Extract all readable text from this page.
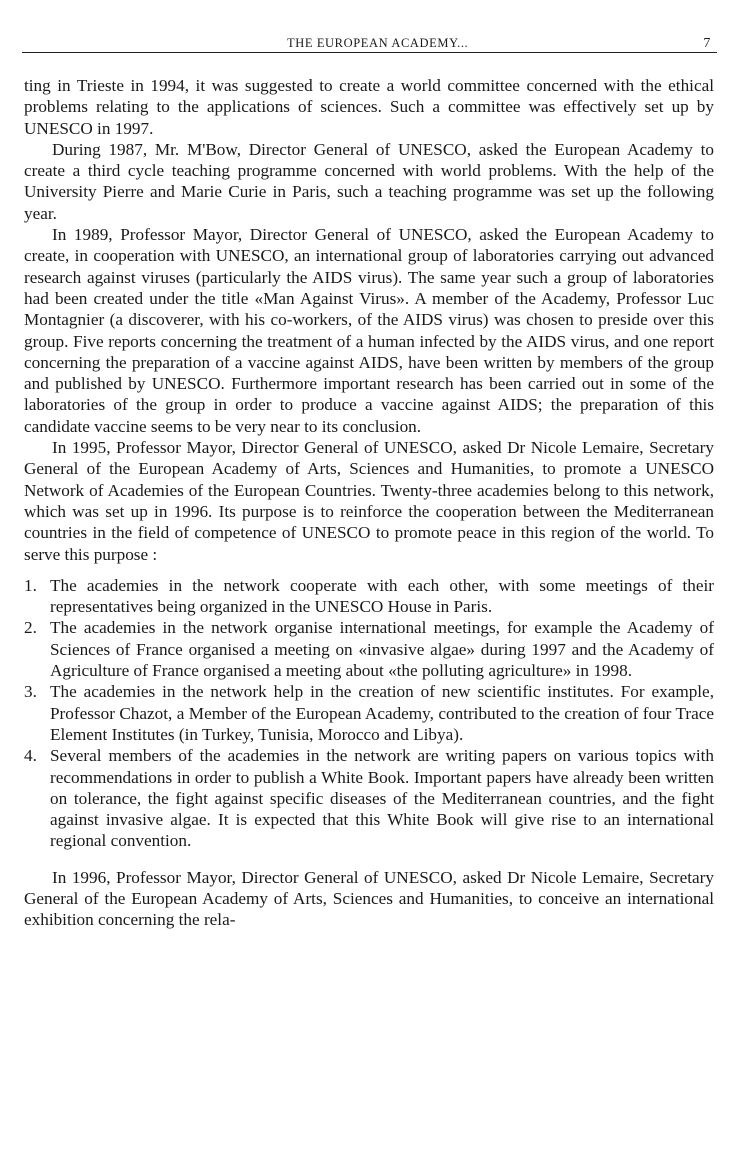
THE EUROPEAN ACADEMY...	7

ting in Trieste in 1994, it was suggested to create a world committee concerned with the ethical problems relating to the applications of sciences. Such a committee was effectively set up by UNESCO in 1997.

During 1987, Mr. M'Bow, Director General of UNESCO, asked the European Academy to create a third cycle teaching programme concerned with world problems. With the help of the University Pierre and Marie Curie in Paris, such a teaching programme was set up the following year.

In 1989, Professor Mayor, Director General of UNESCO, asked the European Academy to create, in cooperation with UNESCO, an international group of laboratories carrying out advanced research against viruses (particularly the AIDS virus). The same year such a group of laboratories had been created under the title «Man Against Virus». A member of the Academy, Professor Luc Montagnier (a discoverer, with his co-workers, of the AIDS virus) was chosen to preside over this group. Five reports concerning the treatment of a human infected by the AIDS virus, and one report concerning the preparation of a vaccine against AIDS, have been written by members of the group and published by UNESCO. Furthermore important research has been carried out in some of the laboratories of the group in order to produce a vaccine against AIDS; the preparation of this candidate vaccine seems to be very near to its conclusion.

In 1995, Professor Mayor, Director General of UNESCO, asked Dr Nicole Lemaire, Secretary General of the European Academy of Arts, Sciences and Humanities, to promote a UNESCO Network of Academies of the European Countries. Twenty-three academies belong to this network, which was set up in 1996. Its purpose is to reinforce the cooperation between the Mediterranean countries in the field of competence of UNESCO to promote peace in this region of the world. To serve this purpose :

1. The academies in the network cooperate with each other, with some meetings of their representatives being organized in the UNESCO House in Paris.
2. The academies in the network organise international meetings, for example the Academy of Sciences of France organised a meeting on «invasive algae» during 1997 and the Academy of Agriculture of France organised a meeting about «the polluting agriculture» in 1998.
3. The academies in the network help in the creation of new scientific institutes. For example, Professor Chazot, a Member of the European Academy, contributed to the creation of four Trace Element Institutes (in Turkey, Tunisia, Morocco and Libya).
4. Several members of the academies in the network are writing papers on various topics with recommendations in order to publish a White Book. Important papers have already been written on tolerance, the fight against specific diseases of the Mediterranean countries, and the fight against invasive algae. It is expected that this White Book will give rise to an international regional convention.

In 1996, Professor Mayor, Director General of UNESCO, asked Dr Nicole Lemaire, Secretary General of the European Academy of Arts, Sciences and Humanities, to conceive an international exhibition concerning the rela-
